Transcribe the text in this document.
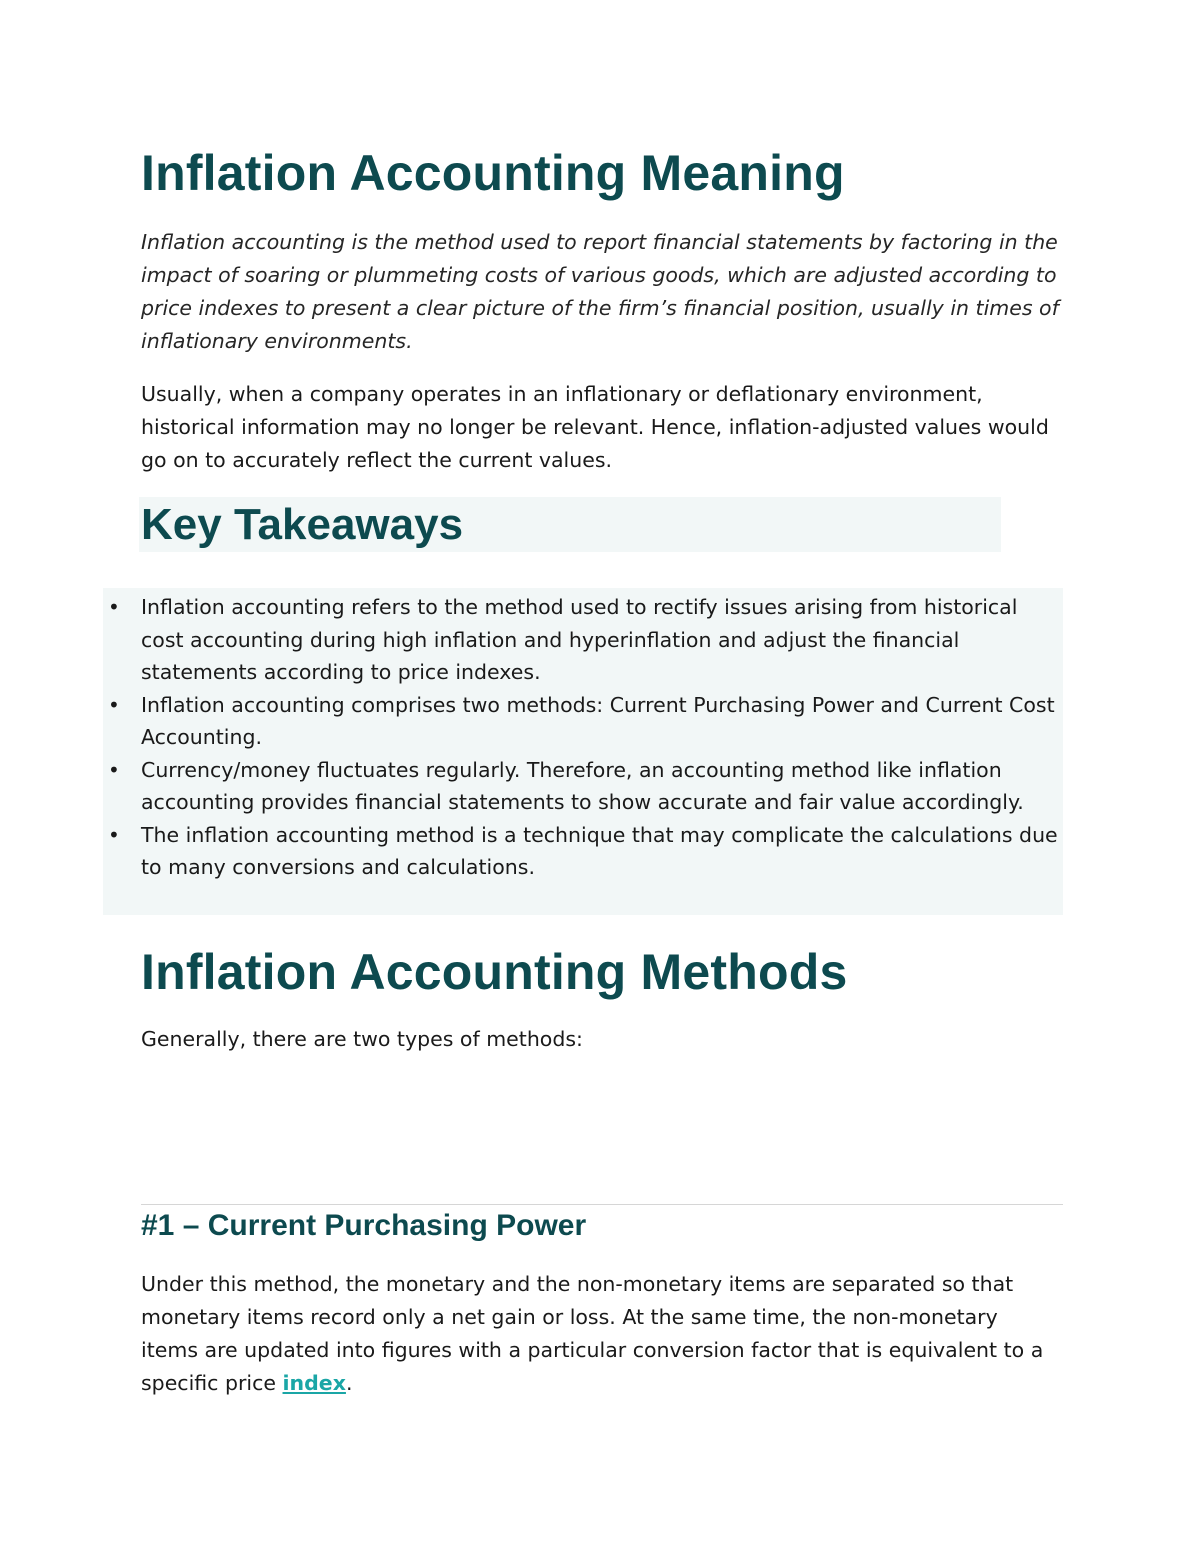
Inflation Accounting Meaning

Inflation accounting is the method used to report financial statements by factoring in the impact of soaring or plummeting costs of various goods, which are adjusted according to price indexes to present a clear picture of the firm’s financial position, usually in times of inflationary environments.

Usually, when a company operates in an inflationary or deflationary environment, historical information may no longer be relevant. Hence, inflation-adjusted values would go on to accurately reflect the current values.

Key Takeaways
• Inflation accounting refers to the method used to rectify issues arising from historical cost accounting during high inflation and hyperinflation and adjust the financial statements according to price indexes.
• Inflation accounting comprises two methods: Current Purchasing Power and Current Cost Accounting.
• Currency/money fluctuates regularly. Therefore, an accounting method like inflation accounting provides financial statements to show accurate and fair value accordingly.
• The inflation accounting method is a technique that may complicate the calculations due to many conversions and calculations.
Inflation Accounting Methods

Generally, there are two types of methods:

#1 – Current Purchasing Power

Under this method, the monetary and the non-monetary items are separated so that monetary items record only a net gain or loss. At the same time, the non-monetary items are updated into figures with a particular conversion factor that is equivalent to a specific price index.
